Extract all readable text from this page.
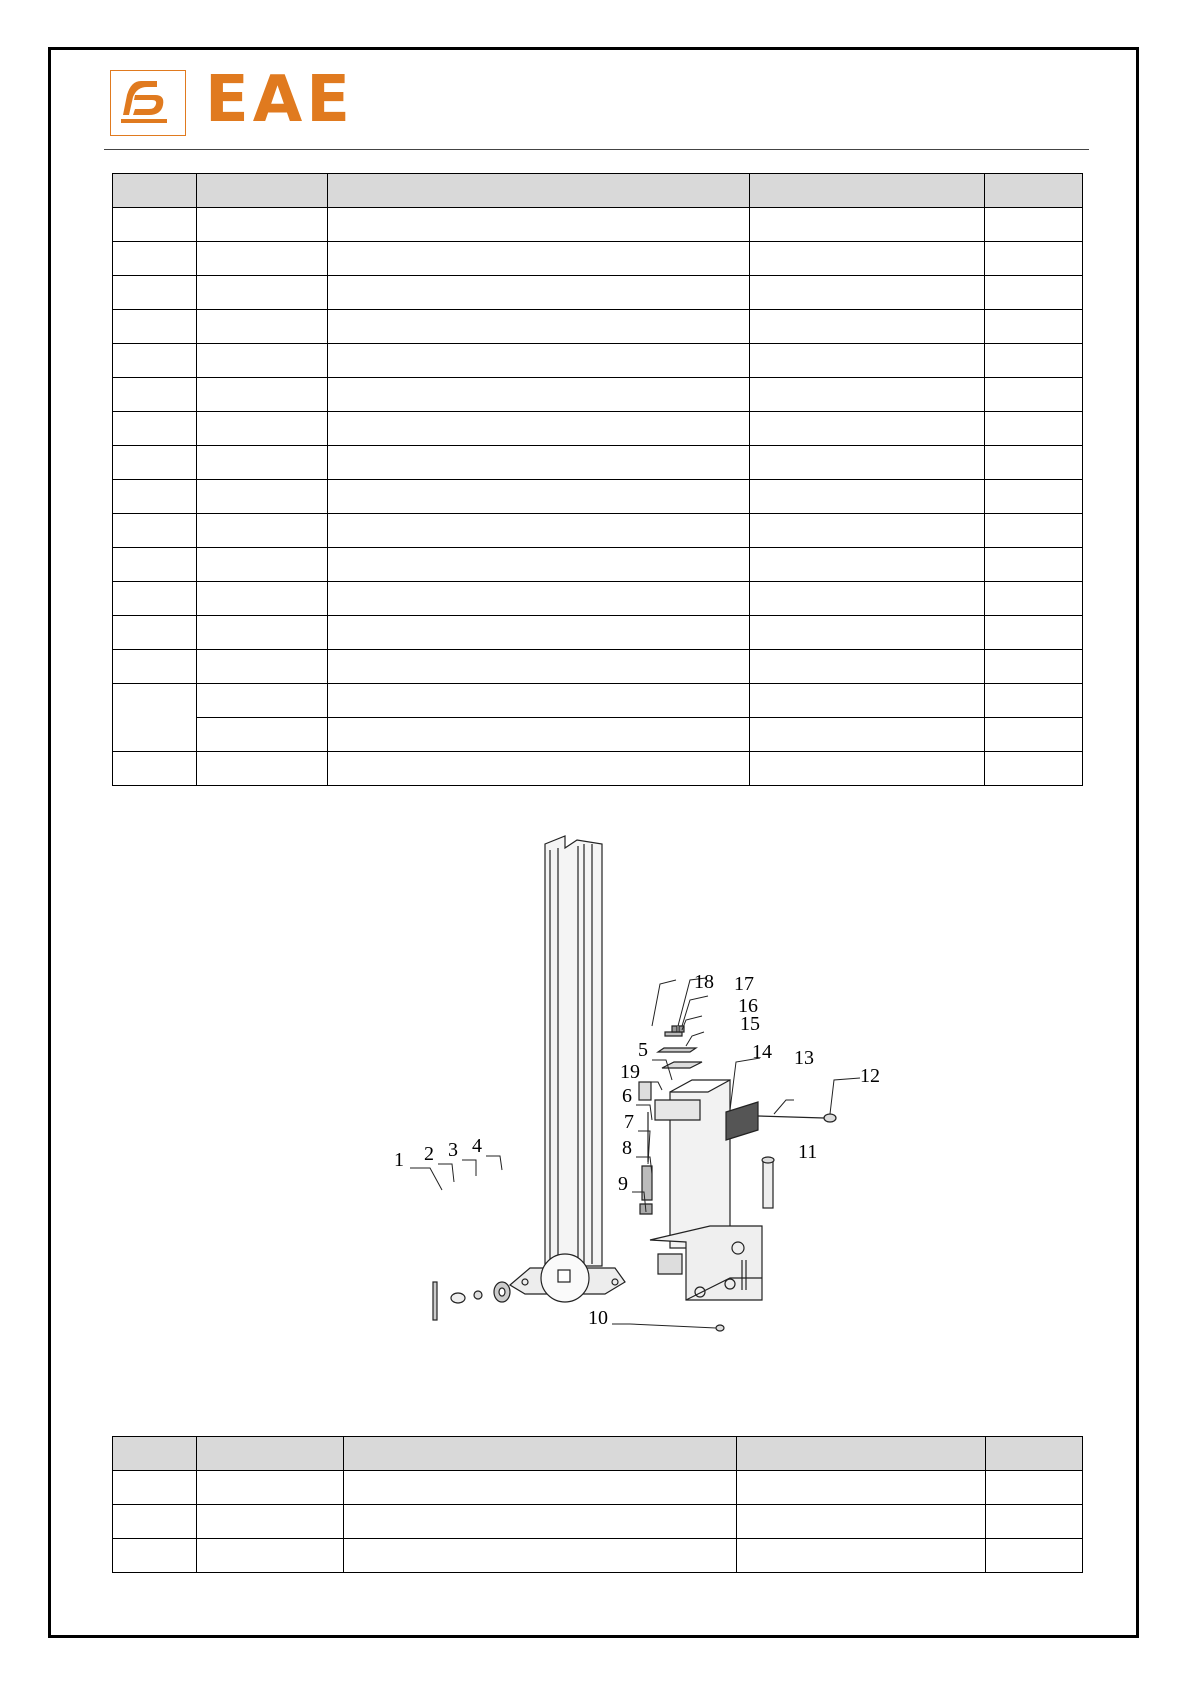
EAE

1 2 3 4
5
6
7
8
9
10
11
12
13
14
15
16
17
18
19
